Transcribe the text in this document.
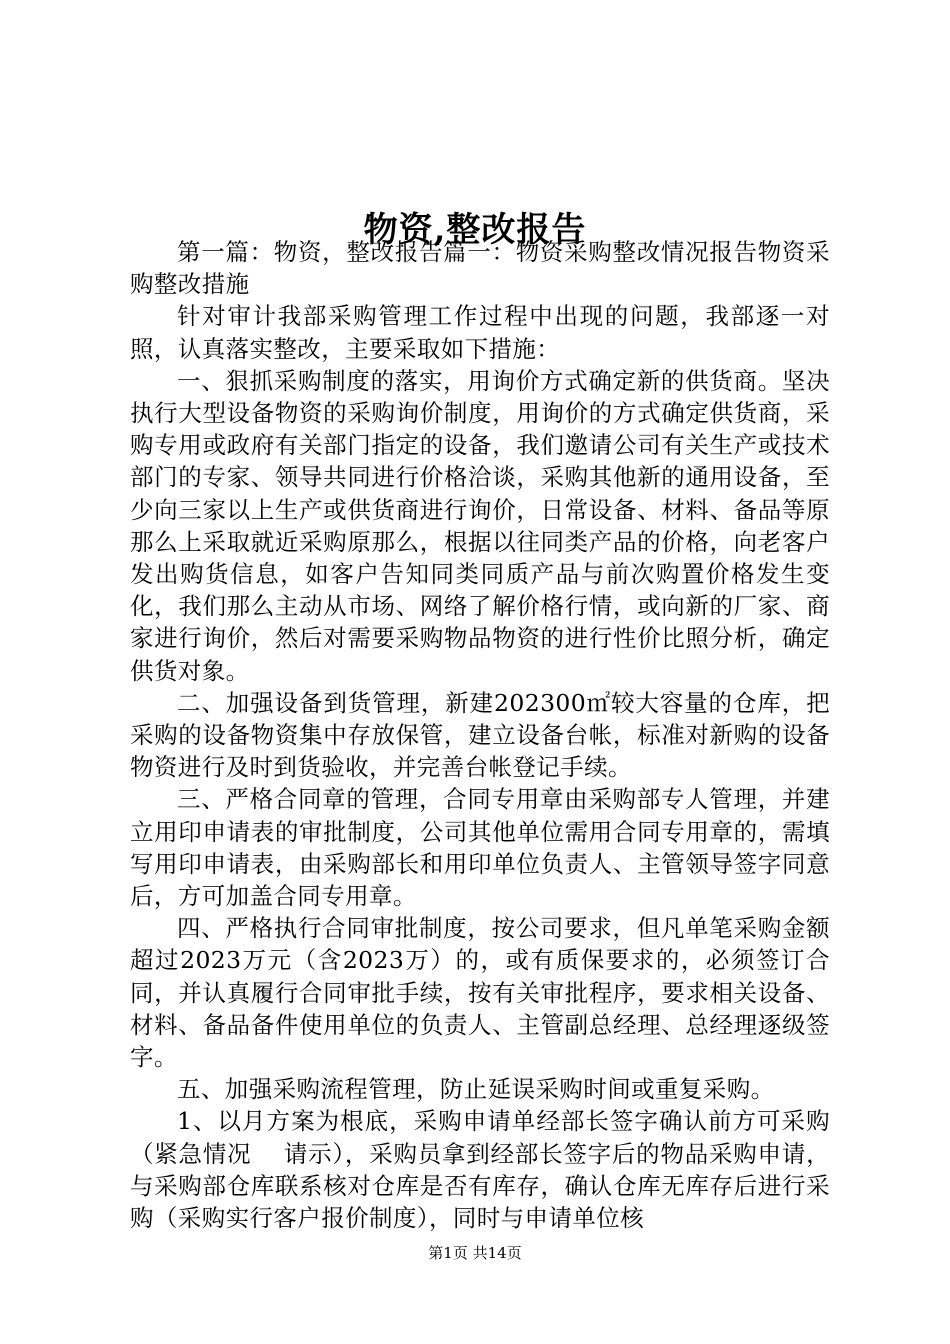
物资,整改报告

第一篇：物资，整改报告篇一：物资采购整改情况报告物资采购整改措施

针对审计我部采购管理工作过程中出现的问题，我部逐一对照，认真落实整改，主要采取如下措施：

一、狠抓采购制度的落实，用询价方式确定新的供货商。坚决执行大型设备物资的采购询价制度，用询价的方式确定供货商，采购专用或政府有关部门指定的设备，我们邀请公司有关生产或技术部门的专家、领导共同进行价格洽谈，采购其他新的通用设备，至少向三家以上生产或供货商进行询价，日常设备、材料、备品等原那么上采取就近采购原那么，根据以往同类产品的价格，向老客户发出购货信息，如客户告知同类同质产品与前次购置价格发生变化，我们那么主动从市场、网络了解价格行情，或向新的厂家、商家进行询价，然后对需要采购物品物资的进行性价比照分析，确定供货对象。

二、加强设备到货管理，新建202300㎡较大容量的仓库，把采购的设备物资集中存放保管，建立设备台帐，标准对新购的设备物资进行及时到货验收，并完善台帐登记手续。

三、严格合同章的管理，合同专用章由采购部专人管理，并建立用印申请表的审批制度，公司其他单位需用合同专用章的，需填写用印申请表，由采购部长和用印单位负责人、主管领导签字同意后，方可加盖合同专用章。

四、严格执行合同审批制度，按公司要求，但凡单笔采购金额超过2023万元（含2023万）的，或有质保要求的，必须签订合同，并认真履行合同审批手续，按有关审批程序，要求相关设备、材料、备品备件使用单位的负责人、主管副总经理、总经理逐级签字。

五、加强采购流程管理，防止延误采购时间或重复采购。

1、以月方案为根底，采购申请单经部长签字确认前方可采购（紧急情况　 请示），采购员拿到经部长签字后的物品采购申请，与采购部仓库联系核对仓库是否有库存，确认仓库无库存后进行采购（采购实行客户报价制度），同时与申请单位核

第1页 共14页
